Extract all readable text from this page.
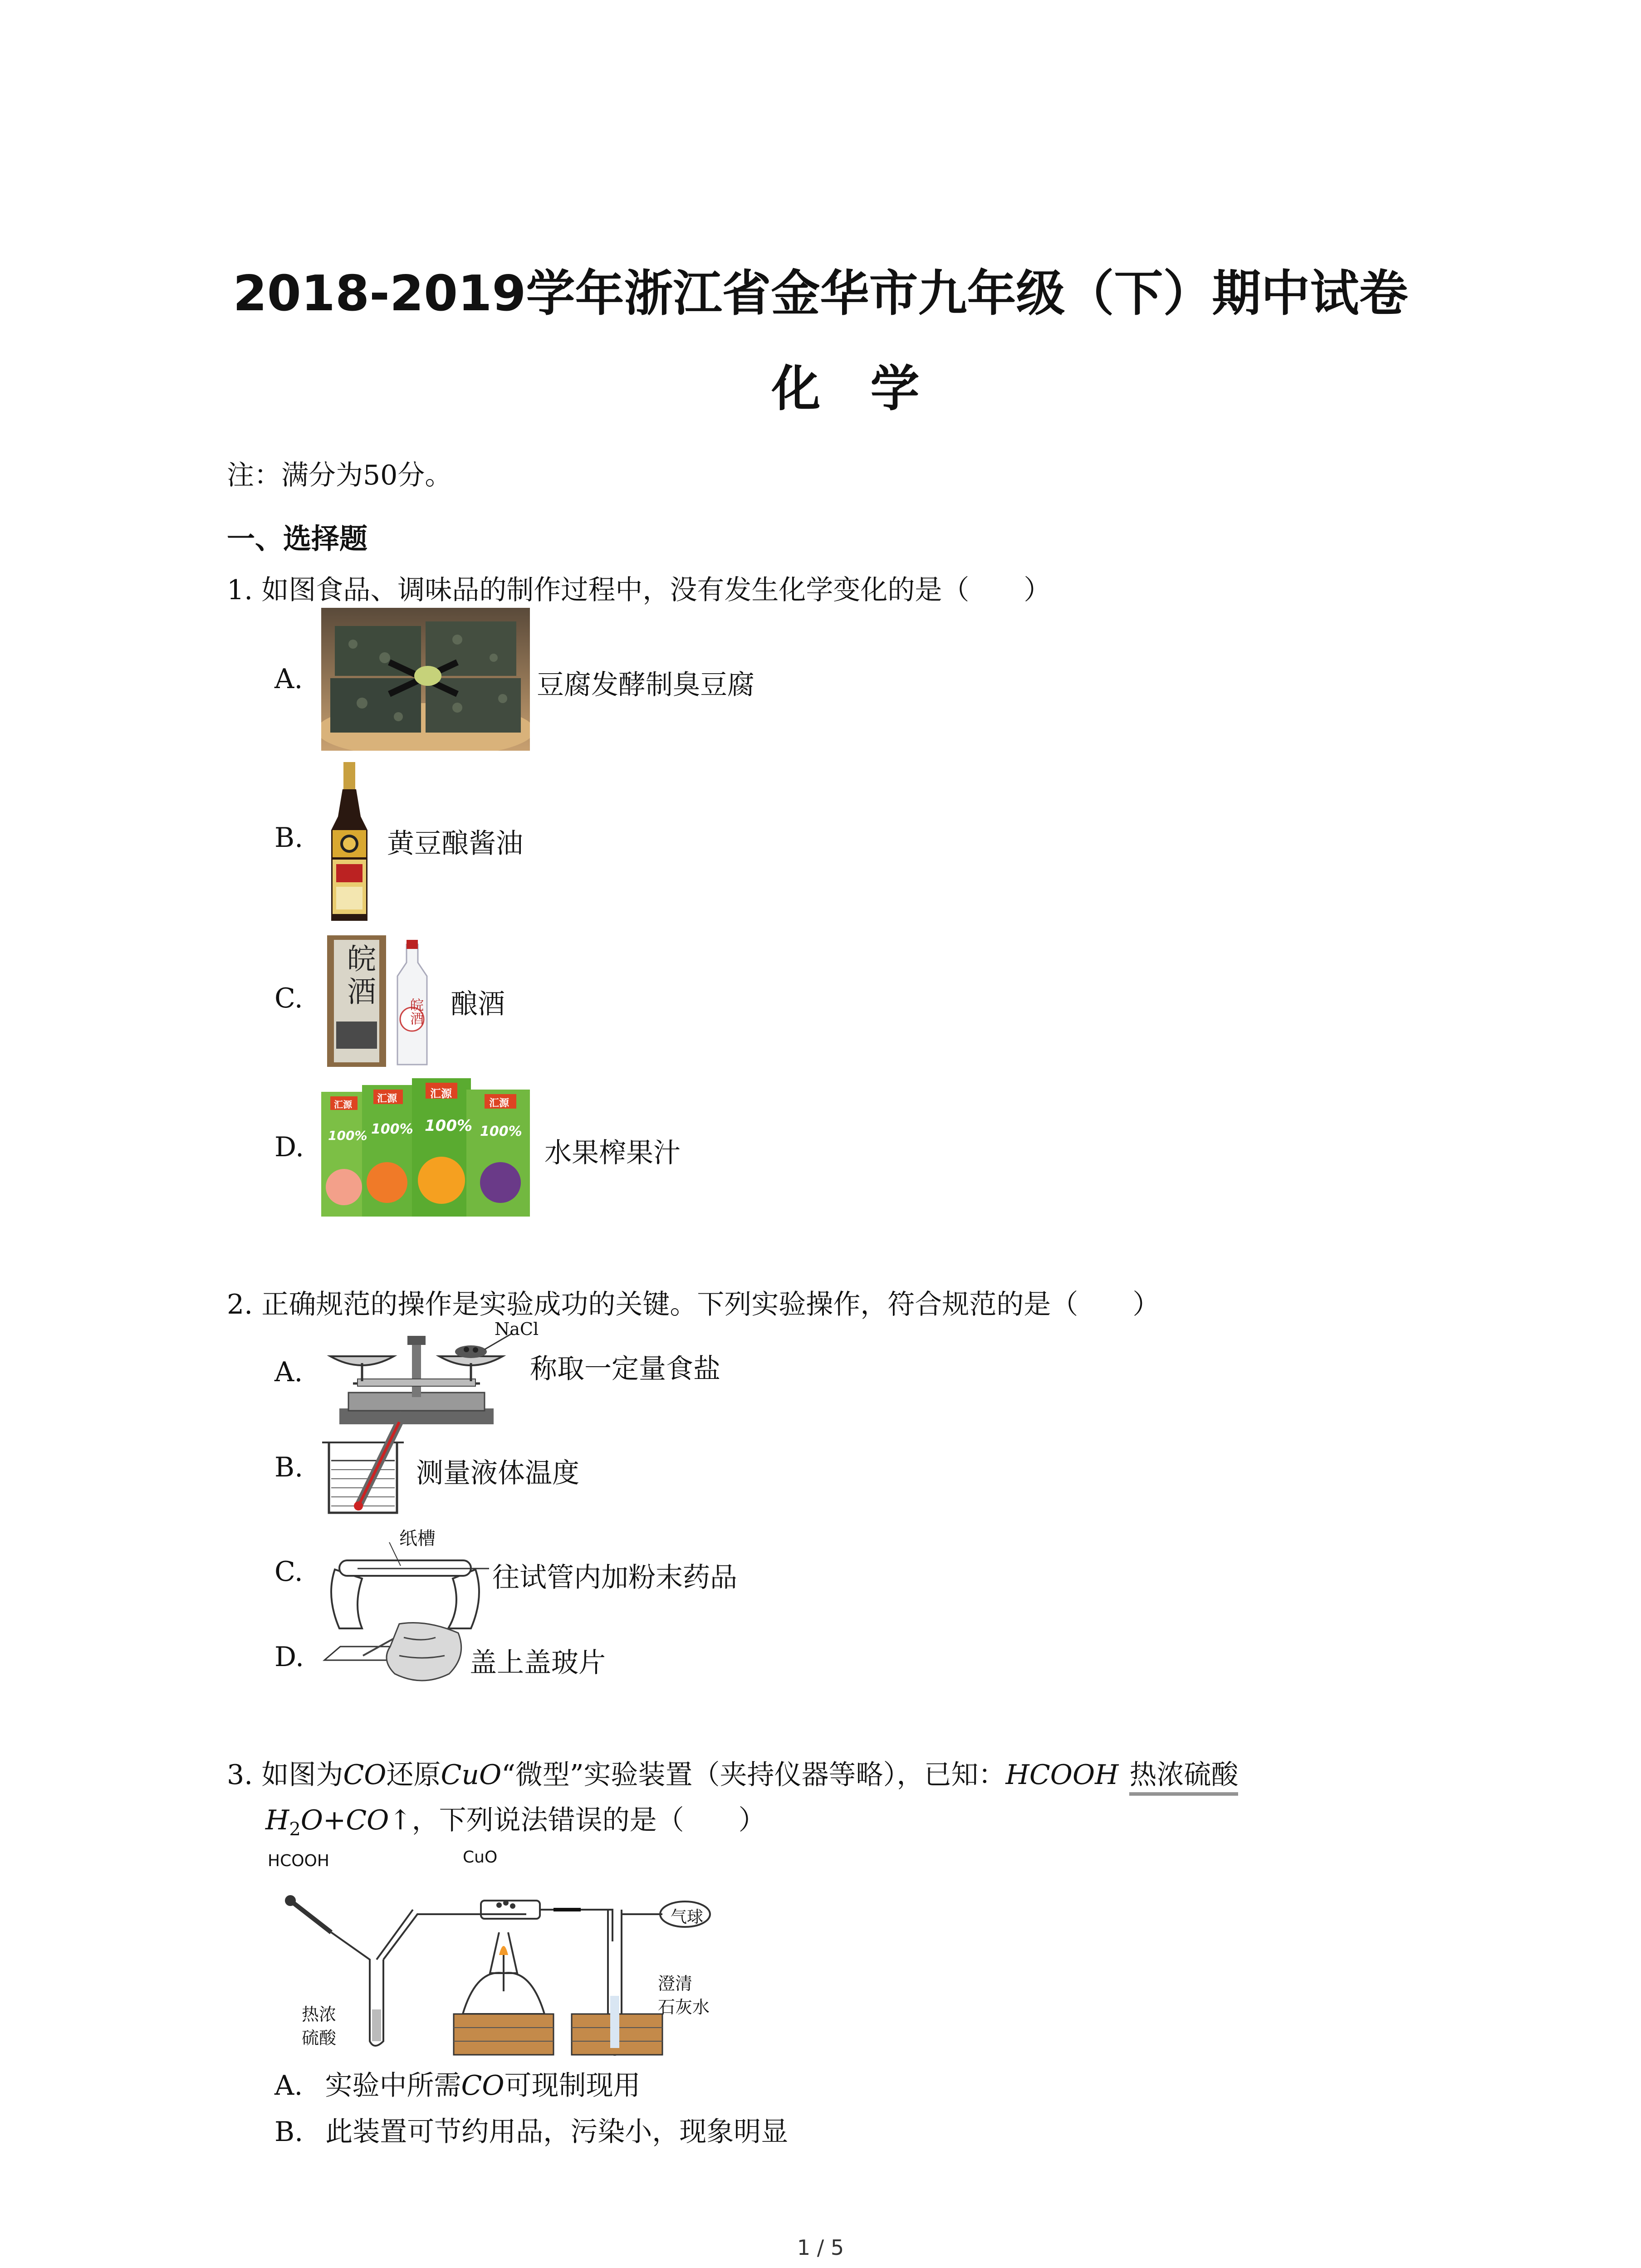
2018-2019学年浙江省金华市九年级（下）期中试卷
化学
注：满分为50分。
一、选择题
1. 如图食品、调味品的制作过程中，没有发生化学变化的是（　　）
A.	豆腐发酵制臭豆腐
B.	黄豆酿酱油
C. 皖酒
皖酒 酿酒
D.
汇源	汇源	汇源
汇源
100% 100% 100% 100%
水果榨果汁
2. 正确规范的操作是实验成功的关键。下列实验操作，符合规范的是（　　）
A.
NaCl
称取一定量食盐
B.	测量液体温度
C.
纸槽
往试管内加粉末药品
D.	盖上盖玻片
3. 如图为CO还原CuO“微型”实验装置（夹持仪器等略），已知：HCOOH 热浓硫酸
$H_2O+CO↑$，下列说法错误的是（　　）
HCOOH	CuO
气球
热浓
硫酸
澄清
石灰水
A. 实验中所需CO可现制现用
B. 此装置可节约用品，污染小，现象明显
1 / 5
